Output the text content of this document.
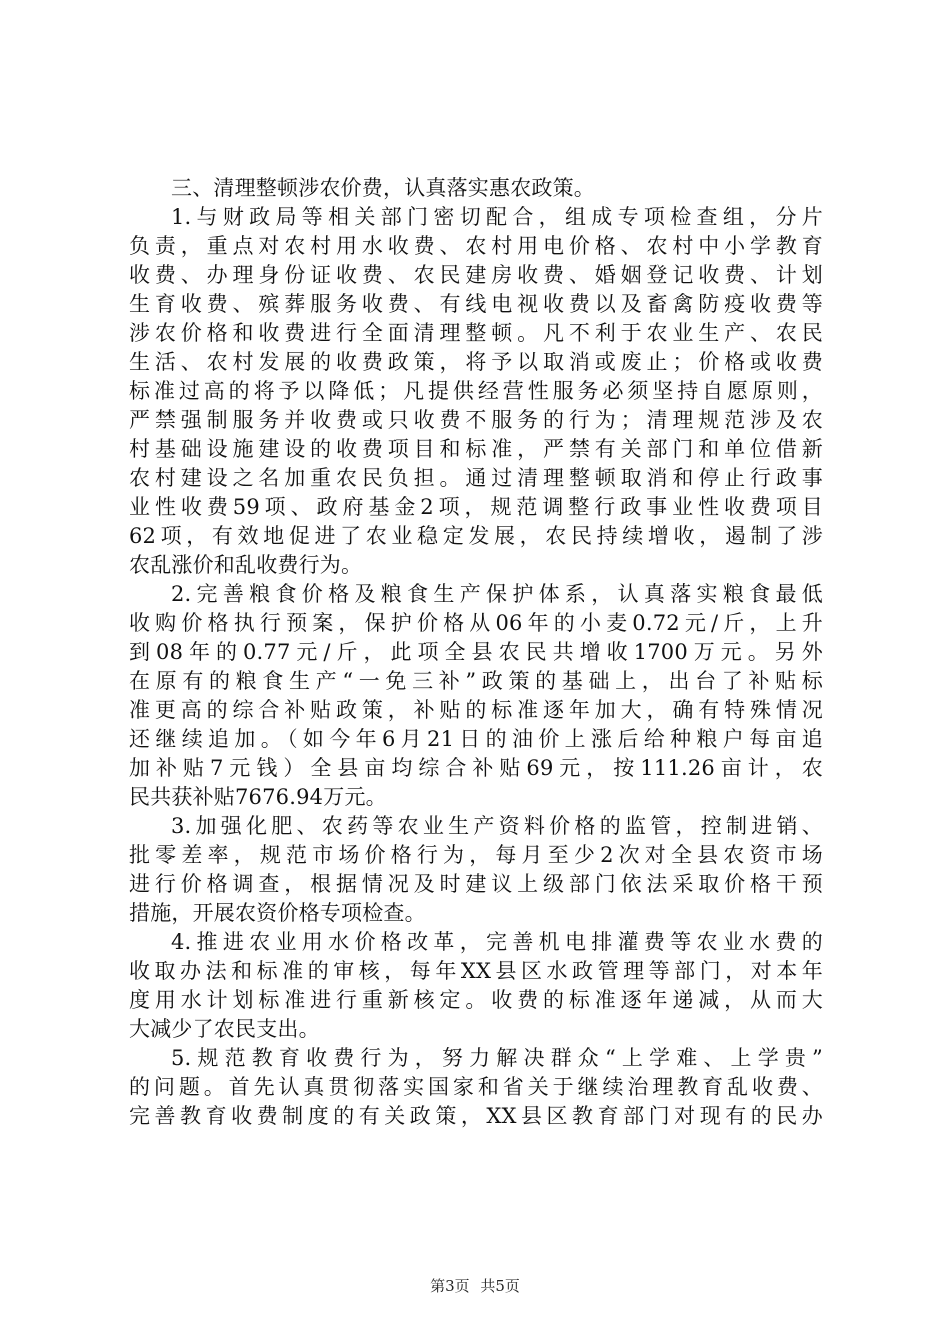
三、清理整顿涉农价费，认真落实惠农政策。
1.与财政局等相关部门密切配合，组成专项检查组，分片
负责，重点对农村用水收费、农村用电价格、农村中小学教育
收费、办理身份证收费、农民建房收费、婚姻登记收费、计划
生育收费、殡葬服务收费、有线电视收费以及畜禽防疫收费等
涉农价格和收费进行全面清理整顿。凡不利于农业生产、农民
生活、农村发展的收费政策，将予以取消或废止；价格或收费
标准过高的将予以降低；凡提供经营性服务必须坚持自愿原则，
严禁强制服务并收费或只收费不服务的行为；清理规范涉及农
村基础设施建设的收费项目和标准，严禁有关部门和单位借新
农村建设之名加重农民负担。通过清理整顿取消和停止行政事
业性收费59项、政府基金2项，规范调整行政事业性收费项目
62项，有效地促进了农业稳定发展，农民持续增收，遏制了涉
农乱涨价和乱收费行为。
2.完善粮食价格及粮食生产保护体系，认真落实粮食最低
收购价格执行预案，保护价格从06年的小麦0.72元/斤，上升
到08年的0.77元/斤，此项全县农民共增收1700万元。另外
在原有的粮食生产“一免三补”政策的基础上，出台了补贴标
准更高的综合补贴政策，补贴的标准逐年加大，确有特殊情况
还继续追加。（如今年6月21日的油价上涨后给种粮户每亩追
加补贴7元钱）全县亩均综合补贴69元，按111.26亩计，农
民共获补贴7676.94万元。
3.加强化肥、农药等农业生产资料价格的监管，控制进销、
批零差率，规范市场价格行为，每月至少2次对全县农资市场
进行价格调查，根据情况及时建议上级部门依法采取价格干预
措施，开展农资价格专项检查。
4.推进农业用水价格改革，完善机电排灌费等农业水费的
收取办法和标准的审核，每年XX县区水政管理等部门，对本年
度用水计划标准进行重新核定。收费的标准逐年递减，从而大
大减少了农民支出。
5.规范教育收费行为，努力解决群众“上学难、上学贵”
的问题。首先认真贯彻落实国家和省关于继续治理教育乱收费、
完善教育收费制度的有关政策，XX县区教育部门对现有的民办
第3页 共5页
